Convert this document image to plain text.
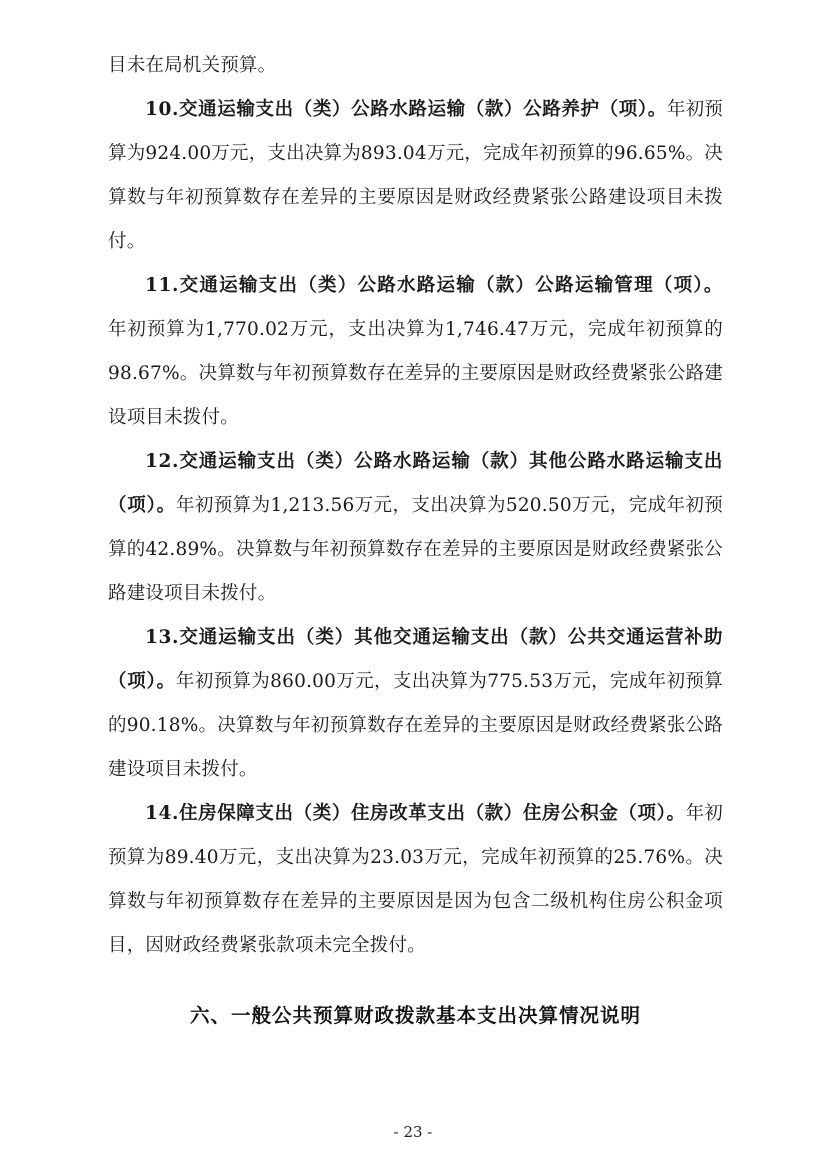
目未在局机关预算。

10.交通运输支出（类）公路水路运输（款）公路养护（项）。年初预算为924.00万元，支出决算为893.04万元，完成年初预算的96.65%。决算数与年初预算数存在差异的主要原因是财政经费紧张公路建设项目未拨付。

11.交通运输支出（类）公路水路运输（款）公路运输管理（项）。年初预算为1,770.02万元，支出决算为1,746.47万元，完成年初预算的98.67%。决算数与年初预算数存在差异的主要原因是财政经费紧张公路建设项目未拨付。

12.交通运输支出（类）公路水路运输（款）其他公路水路运输支出（项）。年初预算为1,213.56万元，支出决算为520.50万元，完成年初预算的42.89%。决算数与年初预算数存在差异的主要原因是财政经费紧张公路建设项目未拨付。

13.交通运输支出（类）其他交通运输支出（款）公共交通运营补助（项）。年初预算为860.00万元，支出决算为775.53万元，完成年初预算的90.18%。决算数与年初预算数存在差异的主要原因是财政经费紧张公路建设项目未拨付。

14.住房保障支出（类）住房改革支出（款）住房公积金（项）。年初预算为89.40万元，支出决算为23.03万元，完成年初预算的25.76%。决算数与年初预算数存在差异的主要原因是因为包含二级机构住房公积金项目，因财政经费紧张款项未完全拨付。

六、一般公共预算财政拨款基本支出决算情况说明
- 23 -
